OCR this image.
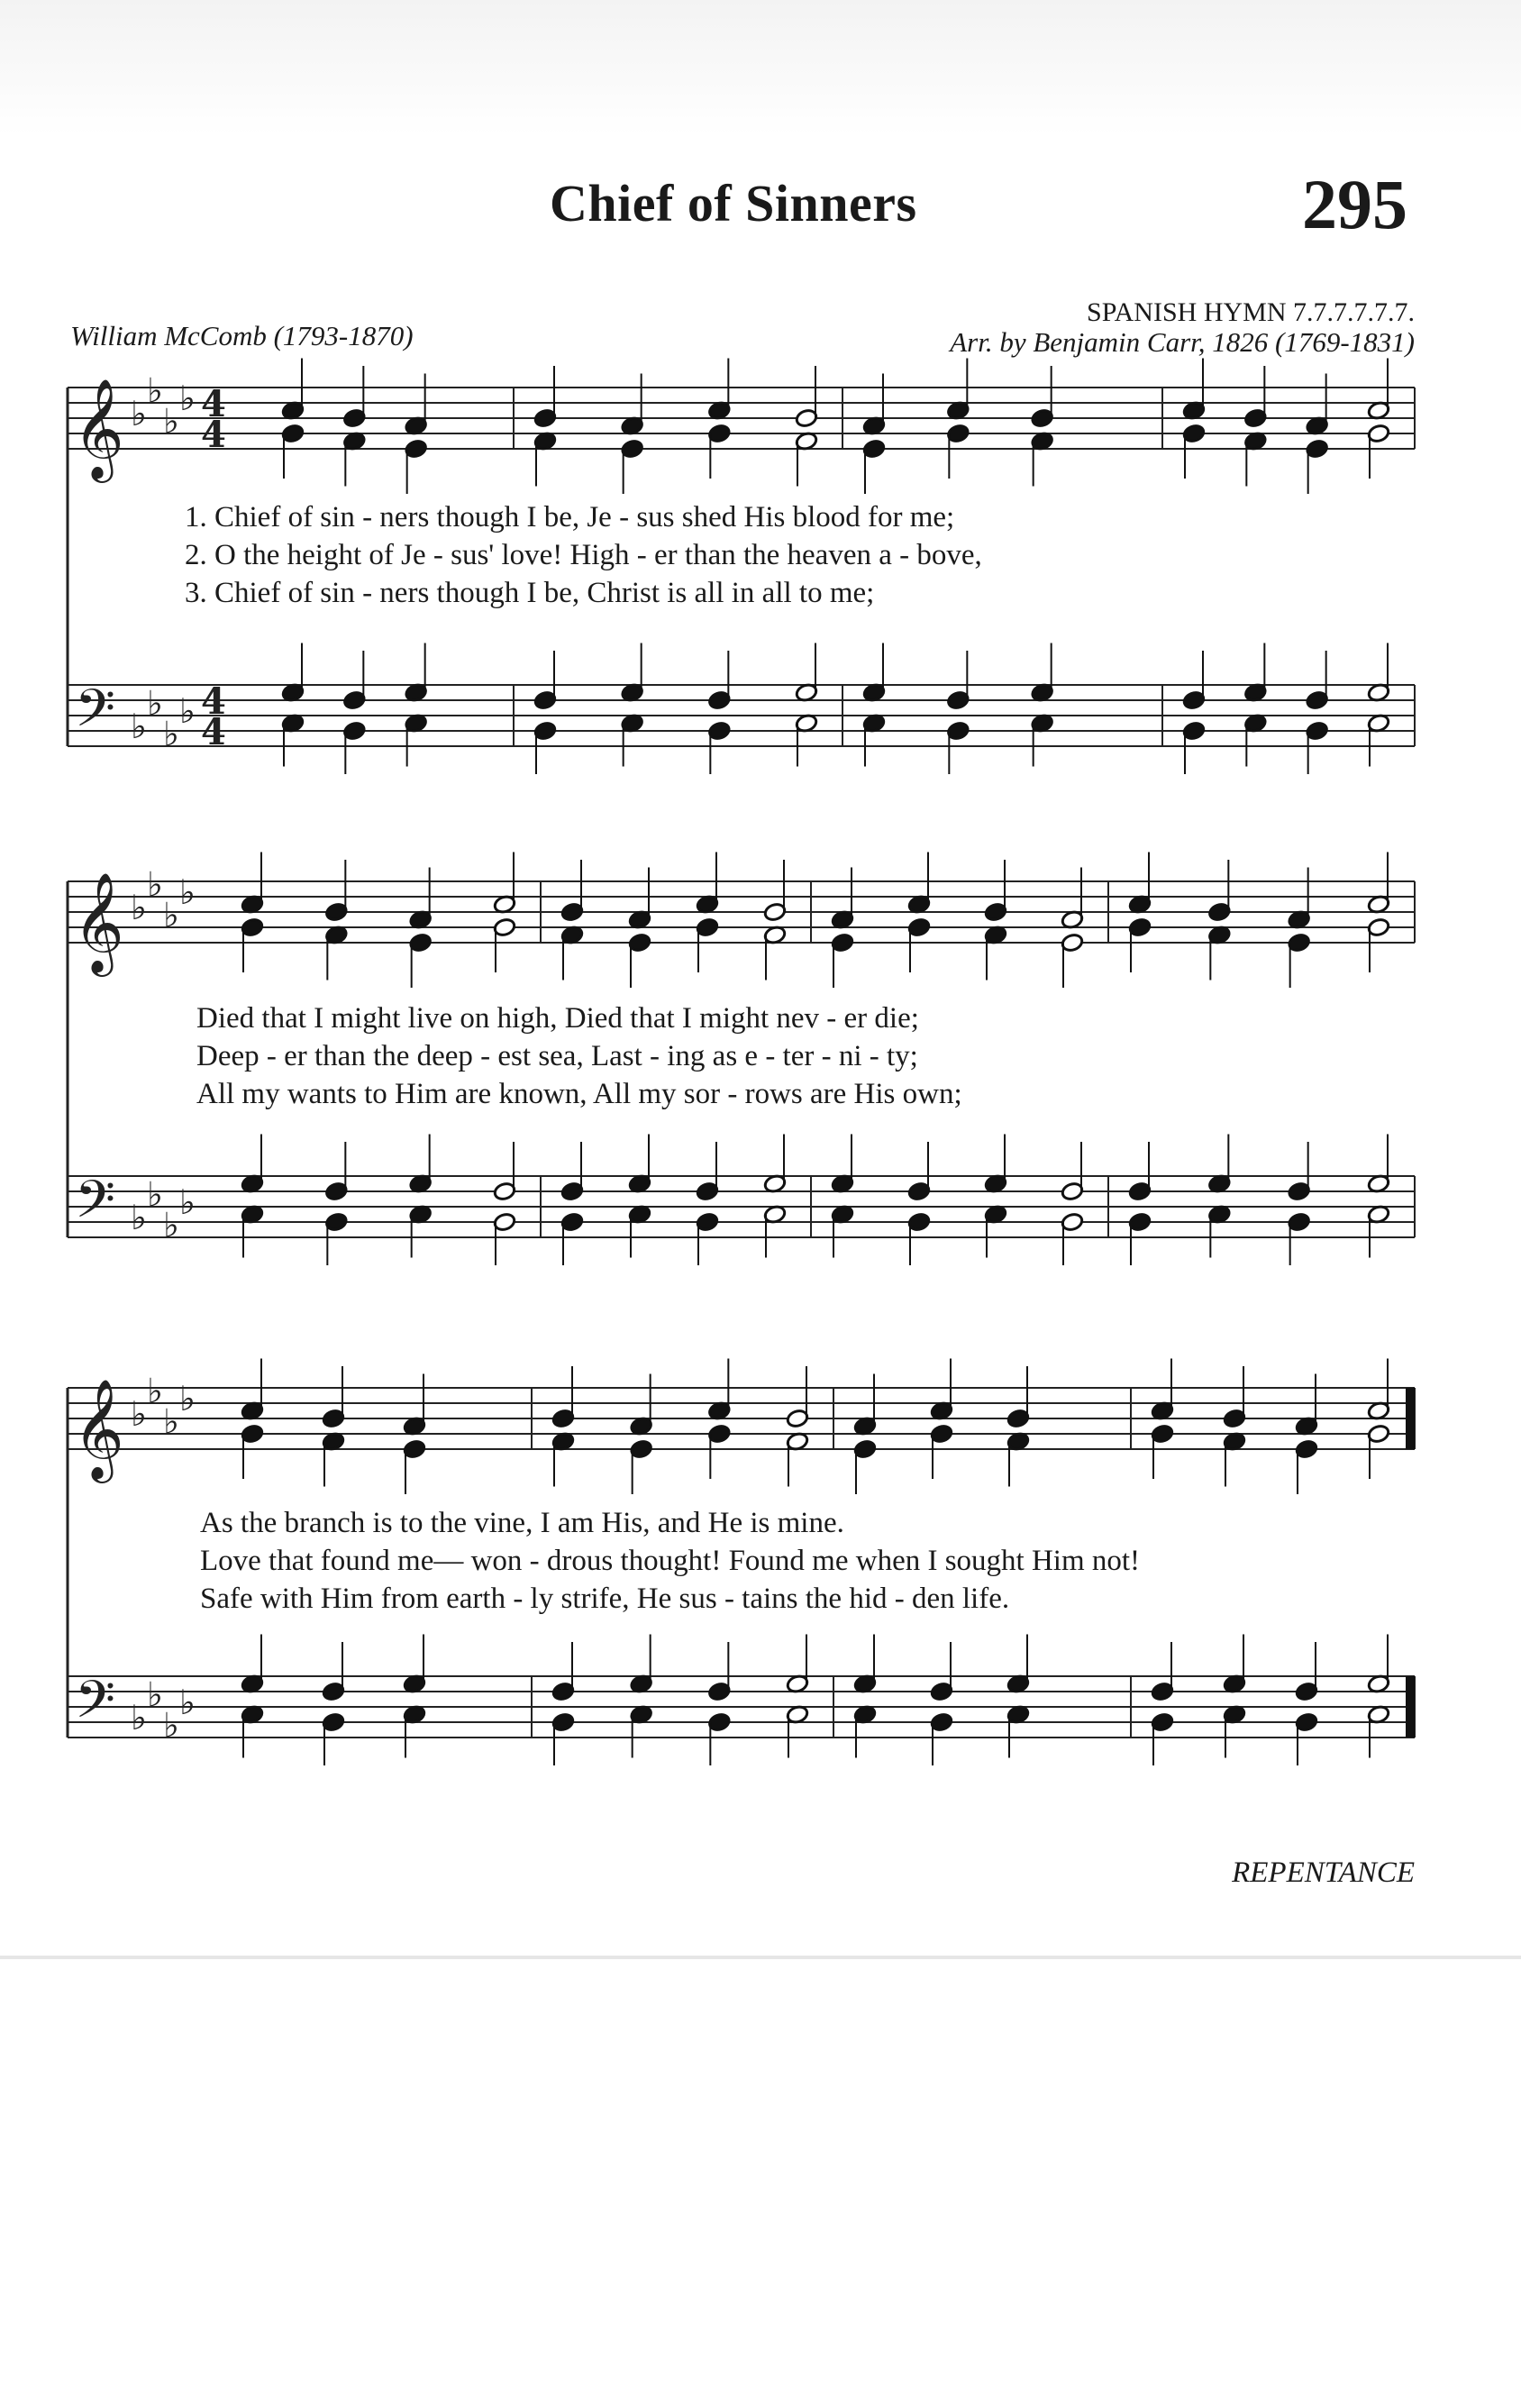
Chief of Sinners	295
SPANISH HYMN 7.7.7.7.7.7.
William McComb (1793-1870)	Arr. by Benjamin Carr, 1826 (1769-1831)
𝄞
𝄢
♭
♭
♭
♭
♭
♭
♭
♭
4
4
4
4
𝄞
𝄢
♭
♭
♭
♭
♭
♭
♭
♭
𝄞
𝄢
♭
♭
♭
♭
♭
♭
♭
♭
1. Chief of sin - ners though I be, Je - sus shed His blood for me;
2. O the height of Je - sus' love! High - er than the heaven a - bove,
3. Chief of sin - ners though I be, Christ is all in all to me;
Died that I might live on high, Died that I might nev - er die;
Deep - er than the deep - est sea, Last - ing as e - ter - ni - ty;
All my wants to Him are known, All my sor - rows are His own;
As the branch is to the vine, I am His, and He is mine.
Love that found me— won - drous thought! Found me when I sought Him not!
Safe with Him from earth - ly strife, He sus - tains the hid - den life.
REPENTANCE
